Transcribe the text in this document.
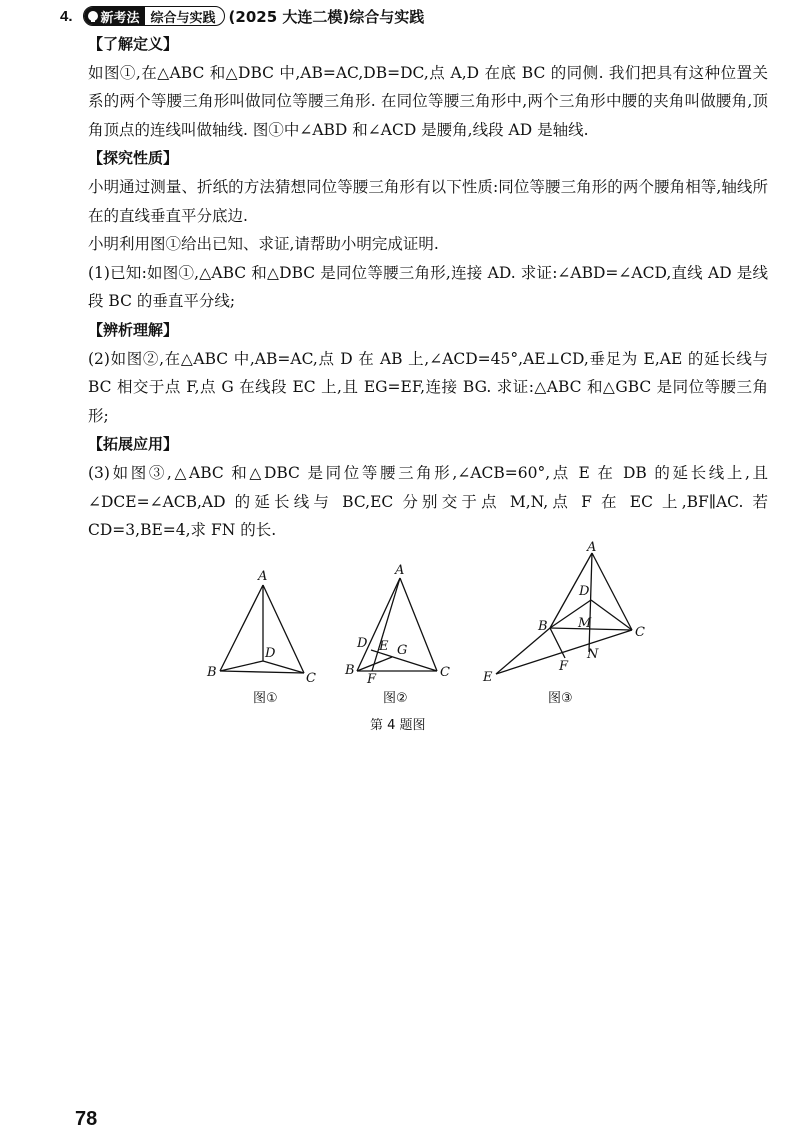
4. 新考法 综合与实践 (2025 大连二模)综合与实践

【了解定义】

如图①,在△ABC 和△DBC 中,AB=AC,DB=DC,点 A,D 在底 BC 的同侧. 我们把具有这种位置关系的两个等腰三角形叫做同位等腰三角形. 在同位等腰三角形中,两个三角形中腰的夹角叫做腰角,顶角顶点的连线叫做轴线. 图①中∠ABD 和∠ACD 是腰角,线段 AD 是轴线.

【探究性质】

小明通过测量、折纸的方法猜想同位等腰三角形有以下性质:同位等腰三角形的两个腰角相等,轴线所在的直线垂直平分底边.

小明利用图①给出已知、求证,请帮助小明完成证明.

(1)已知:如图①,△ABC 和△DBC 是同位等腰三角形,连接 AD. 求证:∠ABD=∠ACD,直线 AD 是线段 BC 的垂直平分线;

【辨析理解】

(2)如图②,在△ABC 中,AB=AC,点 D 在 AB 上,∠ACD=45°,AE⊥CD,垂足为 E,AE 的延长线与 BC 相交于点 F,点 G 在线段 EC 上,且 EG=EF,连接 BG. 求证:△ABC 和△GBC 是同位等腰三角形;

【拓展应用】

(3)如图③,△ABC 和△DBC 是同位等腰三角形,∠ACB=60°,点 E 在 DB 的延长线上,且∠DCE=∠ACB,AD 的延长线与 BC,EC 分别交于点 M,N,点 F 在 EC 上,BF∥AC. 若 CD=3,BE=4,求 FN 的长.

A
B	C
D
图①
A
B	C
D E G
F
图②
A
B	C
D
M
N
F
E
图③
第 4 题图
78
